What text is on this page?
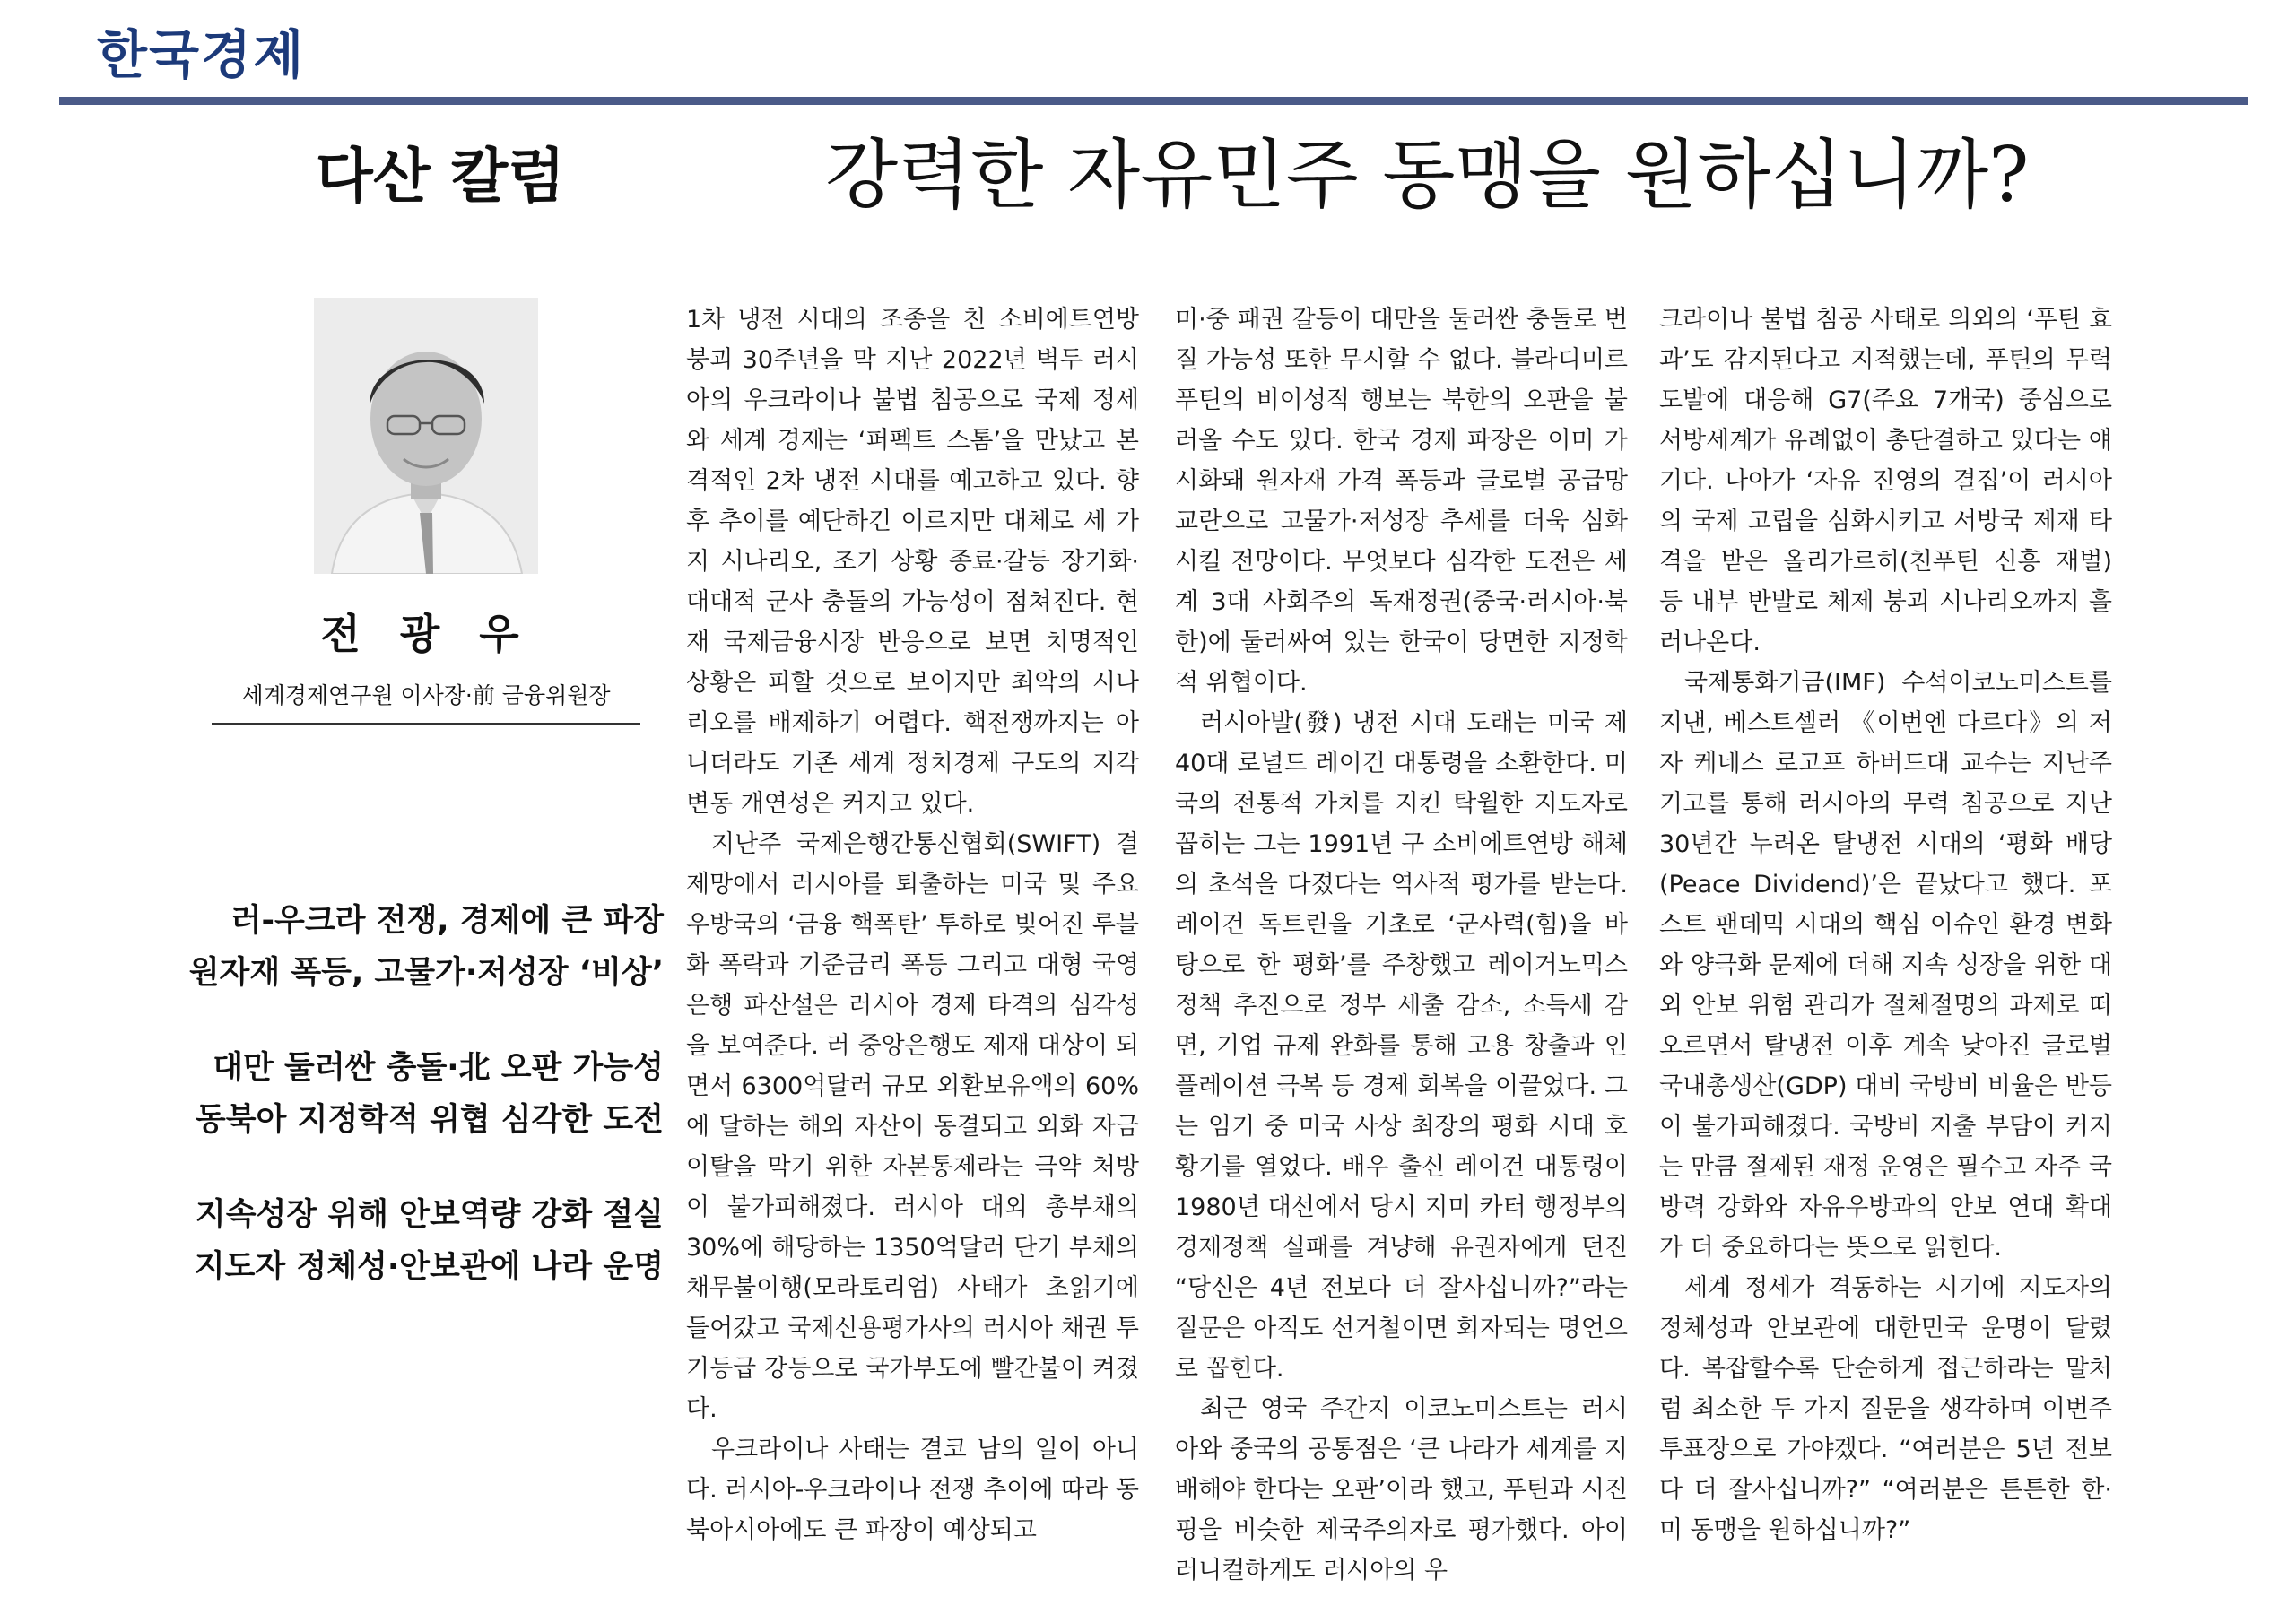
한국경제
다산 칼럼	강력한 자유민주 동맹을 원하십니까?
전 광 우
세계경제연구원 이사장·前 금융위원장
러-우크라 전쟁, 경제에 큰 파장
원자재 폭등, 고물가·저성장 ‘비상’
대만 둘러싼 충돌·北 오판 가능성
동북아 지정학적 위협 심각한 도전
지속성장 위해 안보역량 강화 절실
지도자 정체성·안보관에 나라 운명

1차 냉전 시대의 조종을 친 소비에트연방 붕괴 30주년을 막 지난 2022년 벽두 러시아의 우크라이나 불법 침공으로 국제 정세와 세계 경제는 ‘퍼펙트 스톰’을 만났고 본격적인 2차 냉전 시대를 예고하고 있다. 향후 추이를 예단하긴 이르지만 대체로 세 가지 시나리오, 조기 상황 종료·갈등 장기화·대대적 군사 충돌의 가능성이 점쳐진다. 현재 국제금융시장 반응으로 보면 치명적인 상황은 피할 것으로 보이지만 최악의 시나리오를 배제하기 어렵다. 핵전쟁까지는 아니더라도 기존 세계 정치경제 구도의 지각변동 개연성은 커지고 있다.

지난주 국제은행간통신협회(SWIFT) 결제망에서 러시아를 퇴출하는 미국 및 주요 우방국의 ‘금융 핵폭탄’ 투하로 빚어진 루블화 폭락과 기준금리 폭등 그리고 대형 국영은행 파산설은 러시아 경제 타격의 심각성을 보여준다. 러 중앙은행도 제재 대상이 되면서 6300억달러 규모 외환보유액의 60%에 달하는 해외 자산이 동결되고 외화 자금 이탈을 막기 위한 자본통제라는 극약 처방이 불가피해졌다. 러시아 대외 총부채의 30%에 해당하는 1350억달러 단기 부채의 채무불이행(모라토리엄) 사태가 초읽기에 들어갔고 국제신용평가사의 러시아 채권 투기등급 강등으로 국가부도에 빨간불이 켜졌다.

우크라이나 사태는 결코 남의 일이 아니다. 러시아-우크라이나 전쟁 추이에 따라 동북아시아에도 큰 파장이 예상되고

미·중 패권 갈등이 대만을 둘러싼 충돌로 번질 가능성 또한 무시할 수 없다. 블라디미르 푸틴의 비이성적 행보는 북한의 오판을 불러올 수도 있다. 한국 경제 파장은 이미 가시화돼 원자재 가격 폭등과 글로벌 공급망 교란으로 고물가·저성장 추세를 더욱 심화시킬 전망이다. 무엇보다 심각한 도전은 세계 3대 사회주의 독재정권(중국·러시아·북한)에 둘러싸여 있는 한국이 당면한 지정학적 위협이다.

러시아발(發) 냉전 시대 도래는 미국 제40대 로널드 레이건 대통령을 소환한다. 미국의 전통적 가치를 지킨 탁월한 지도자로 꼽히는 그는 1991년 구 소비에트연방 해체의 초석을 다졌다는 역사적 평가를 받는다. 레이건 독트린을 기초로 ‘군사력(힘)을 바탕으로 한 평화’를 주창했고 레이거노믹스 정책 추진으로 정부 세출 감소, 소득세 감면, 기업 규제 완화를 통해 고용 창출과 인플레이션 극복 등 경제 회복을 이끌었다. 그는 임기 중 미국 사상 최장의 평화 시대 호황기를 열었다. 배우 출신 레이건 대통령이 1980년 대선에서 당시 지미 카터 행정부의 경제정책 실패를 겨냥해 유권자에게 던진 “당신은 4년 전보다 더 잘사십니까?”라는 질문은 아직도 선거철이면 회자되는 명언으로 꼽힌다.

최근 영국 주간지 이코노미스트는 러시아와 중국의 공통점은 ‘큰 나라가 세계를 지배해야 한다는 오판’이라 했고, 푸틴과 시진핑을 비슷한 제국주의자로 평가했다. 아이러니컬하게도 러시아의 우

크라이나 불법 침공 사태로 의외의 ‘푸틴 효과’도 감지된다고 지적했는데, 푸틴의 무력 도발에 대응해 G7(주요 7개국) 중심으로 서방세계가 유례없이 총단결하고 있다는 얘기다. 나아가 ‘자유 진영의 결집’이 러시아의 국제 고립을 심화시키고 서방국 제재 타격을 받은 올리가르히(친푸틴 신흥 재벌) 등 내부 반발로 체제 붕괴 시나리오까지 흘러나온다.

국제통화기금(IMF) 수석이코노미스트를 지낸, 베스트셀러 《이번엔 다르다》의 저자 케네스 로고프 하버드대 교수는 지난주 기고를 통해 러시아의 무력 침공으로 지난 30년간 누려온 탈냉전 시대의 ‘평화 배당(Peace Dividend)’은 끝났다고 했다. 포스트 팬데믹 시대의 핵심 이슈인 환경 변화와 양극화 문제에 더해 지속 성장을 위한 대외 안보 위험 관리가 절체절명의 과제로 떠오르면서 탈냉전 이후 계속 낮아진 글로벌 국내총생산(GDP) 대비 국방비 비율은 반등이 불가피해졌다. 국방비 지출 부담이 커지는 만큼 절제된 재정 운영은 필수고 자주 국방력 강화와 자유우방과의 안보 연대 확대가 더 중요하다는 뜻으로 읽힌다.

세계 정세가 격동하는 시기에 지도자의 정체성과 안보관에 대한민국 운명이 달렸다. 복잡할수록 단순하게 접근하라는 말처럼 최소한 두 가지 질문을 생각하며 이번주 투표장으로 가야겠다. “여러분은 5년 전보다 더 잘사십니까?” “여러분은 튼튼한 한·미 동맹을 원하십니까?”
